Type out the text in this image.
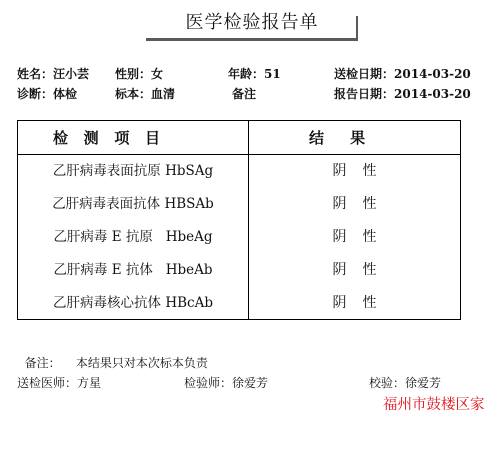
医学检验报告单
姓名：汪小芸 性别：女	年龄：51	送检日期：2014-03-20
诊断：体检	标本：血清	备注	报告日期：2014-03-20
检   测   项   目	结     果
乙肝病毒表面抗原 HbSAg	阴性
乙肝病毒表面抗体 HBSAb	阴性
乙肝病毒 E 抗原   HbeAg	阴性
乙肝病毒 E 抗体   HbeAb	阴性
乙肝病毒核心抗体 HBcAb	阴性

备注： 本结果只对本次标本负责

送检医师：方星	检验师：徐爱芳	校验：徐爱芳
福州市鼓楼区家
